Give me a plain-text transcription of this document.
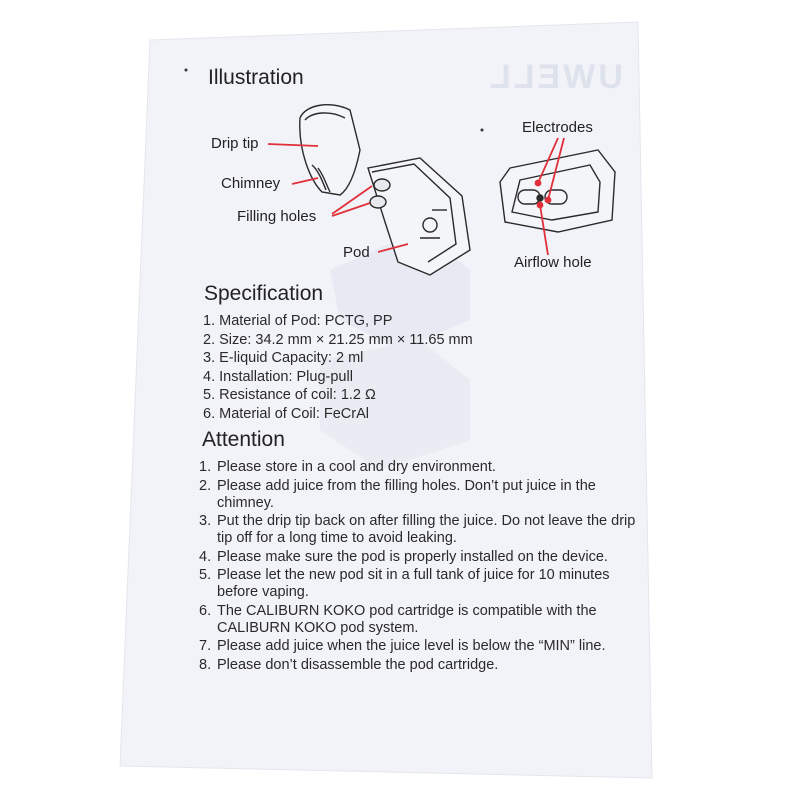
UWELL
Illustration
Drip tip
Chimney
Filling holes
Pod
Electrodes
Airflow hole
Specification
1. Material of Pod: PCTG, PP
2. Size: 34.2 mm × 21.25 mm × 11.65 mm
3. E-liquid Capacity: 2 ml
4. Installation: Plug-pull
5. Resistance of coil: 1.2 Ω
6. Material of Coil: FeCrAl
Attention
1. Please store in a cool and dry environment.
2. Please add juice from the filling holes. Don’t put juice in the chimney.
3. Put the drip tip back on after filling the juice. Do not leave the drip tip off for a long time to avoid leaking.
4. Please make sure the pod is properly installed on the device.
5. Please let the new pod sit in a full tank of juice for 10 minutes before vaping.
6. The CALIBURN KOKO pod cartridge is compatible with the CALIBURN KOKO pod system.
7. Please add juice when the juice level is below the “MIN” line.
8. Please don’t disassemble the pod cartridge.
